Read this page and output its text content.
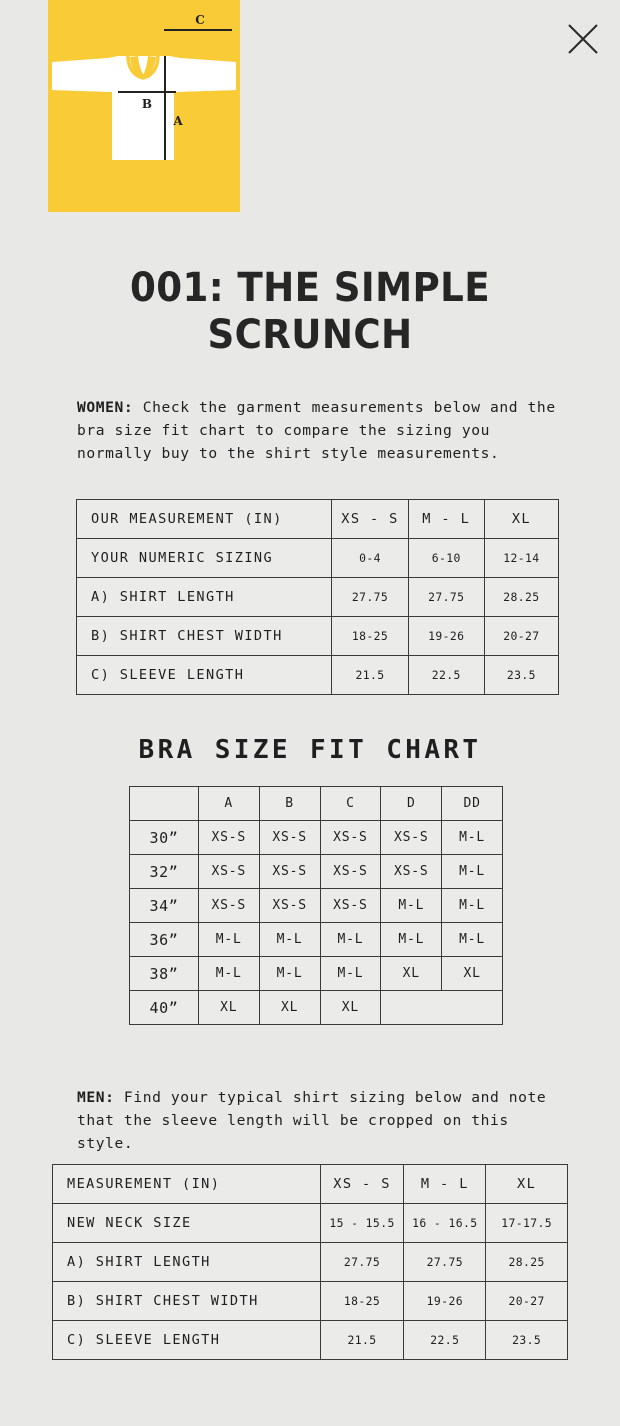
C
B
A
001: THE SIMPLE
SCRUNCH

WOMEN: Check the garment measurements below and the bra size fit chart to compare the sizing you normally buy to the shirt style measurements.

OUR MEASUREMENT (IN)	XS - S	M - L	XL
YOUR NUMERIC SIZING	0-4	6-10	12-14
A) SHIRT LENGTH	27.75	27.75	28.25
B) SHIRT CHEST WIDTH	18-25	19-26	20-27
C) SLEEVE LENGTH	21.5	22.5	23.5
BRA SIZE FIT CHART
	A	B	C	D	DD
30”	XS-S	XS-S	XS-S	XS-S	M-L
32”	XS-S	XS-S	XS-S	XS-S	M-L
34”	XS-S	XS-S	XS-S	M-L	M-L
36”	M-L	M-L	M-L	M-L	M-L
38”	M-L	M-L	M-L	XL	XL
40”	XL	XL	XL		

MEN: Find your typical shirt sizing below and note that the sleeve length will be cropped on this style.

MEASUREMENT (IN)	XS - S	M - L	XL
NEW NECK SIZE	15 - 15.5	16 - 16.5	17-17.5
A) SHIRT LENGTH	27.75	27.75	28.25
B) SHIRT CHEST WIDTH	18-25	19-26	20-27
C) SLEEVE LENGTH	21.5	22.5	23.5
